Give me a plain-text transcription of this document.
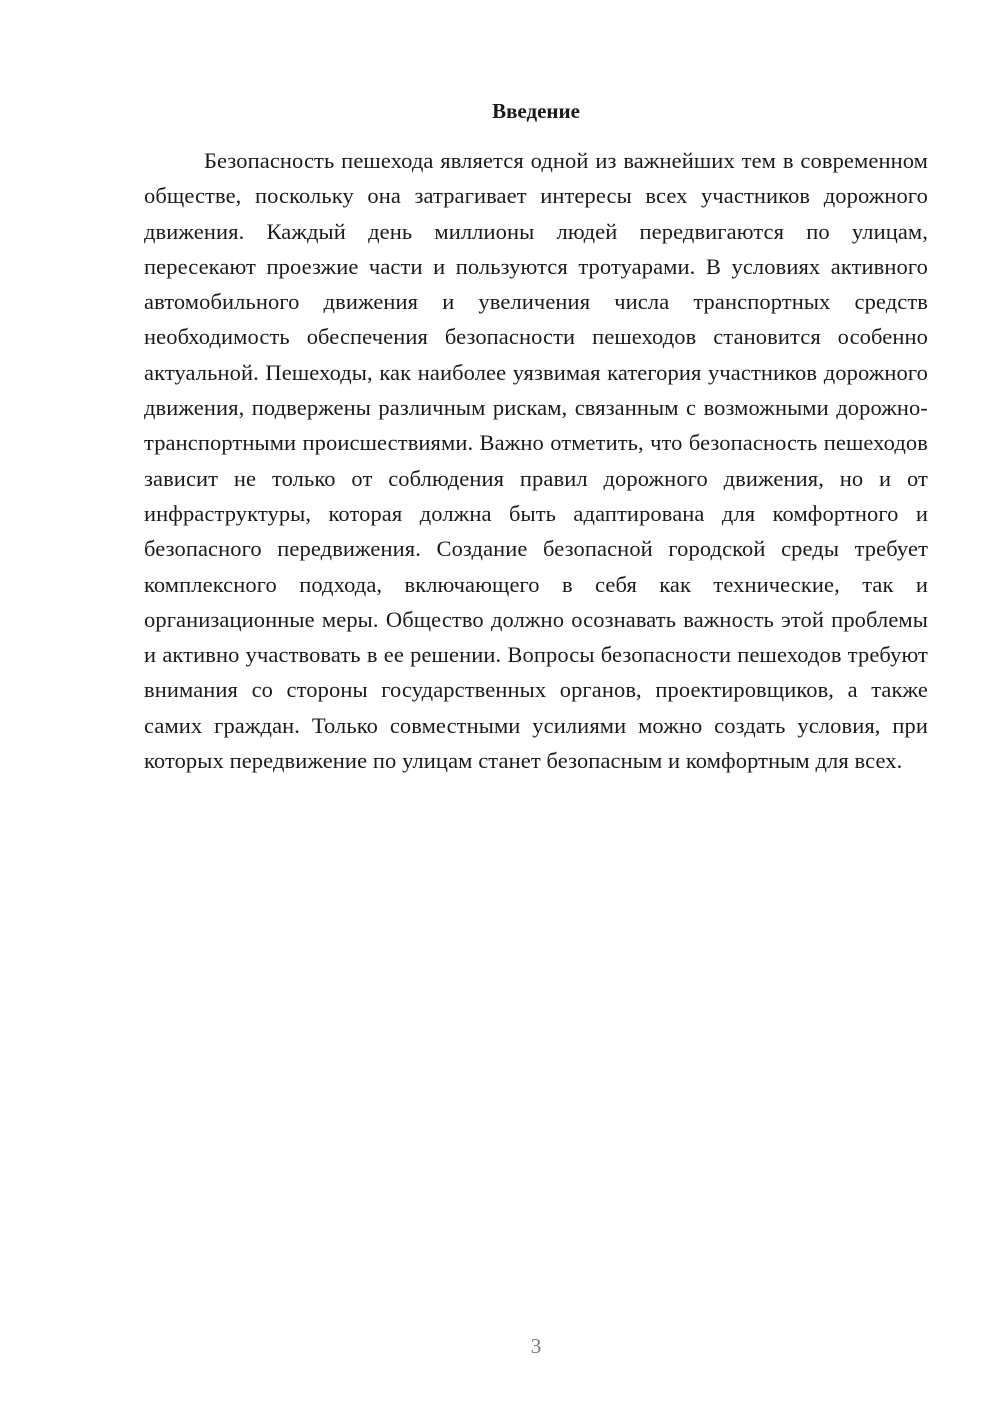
Введение

Безопасность пешехода является одной из важнейших тем в современном обществе, поскольку она затрагивает интересы всех участников дорожного движения. Каждый день миллионы людей передвигаются по улицам, пересекают проезжие части и пользуются тротуарами. В условиях активного автомобильного движения и увеличения числа транспортных средств необходимость обеспечения безопасности пешеходов становится особенно актуальной. Пешеходы, как наиболее уязвимая категория участников дорожного движения, подвержены различным рискам, связанным с возможными дорожно-транспортными происшествиями. Важно отметить, что безопасность пешеходов зависит не только от соблюдения правил дорожного движения, но и от инфраструктуры, которая должна быть адаптирована для комфортного и безопасного передвижения. Создание безопасной городской среды требует комплексного подхода, включающего в себя как технические, так и организационные меры. Общество должно осознавать важность этой проблемы и активно участвовать в ее решении. Вопросы безопасности пешеходов требуют внимания со стороны государственных органов, проектировщиков, а также самих граждан. Только совместными усилиями можно создать условия, при которых передвижение по улицам станет безопасным и комфортным для всех.

3
